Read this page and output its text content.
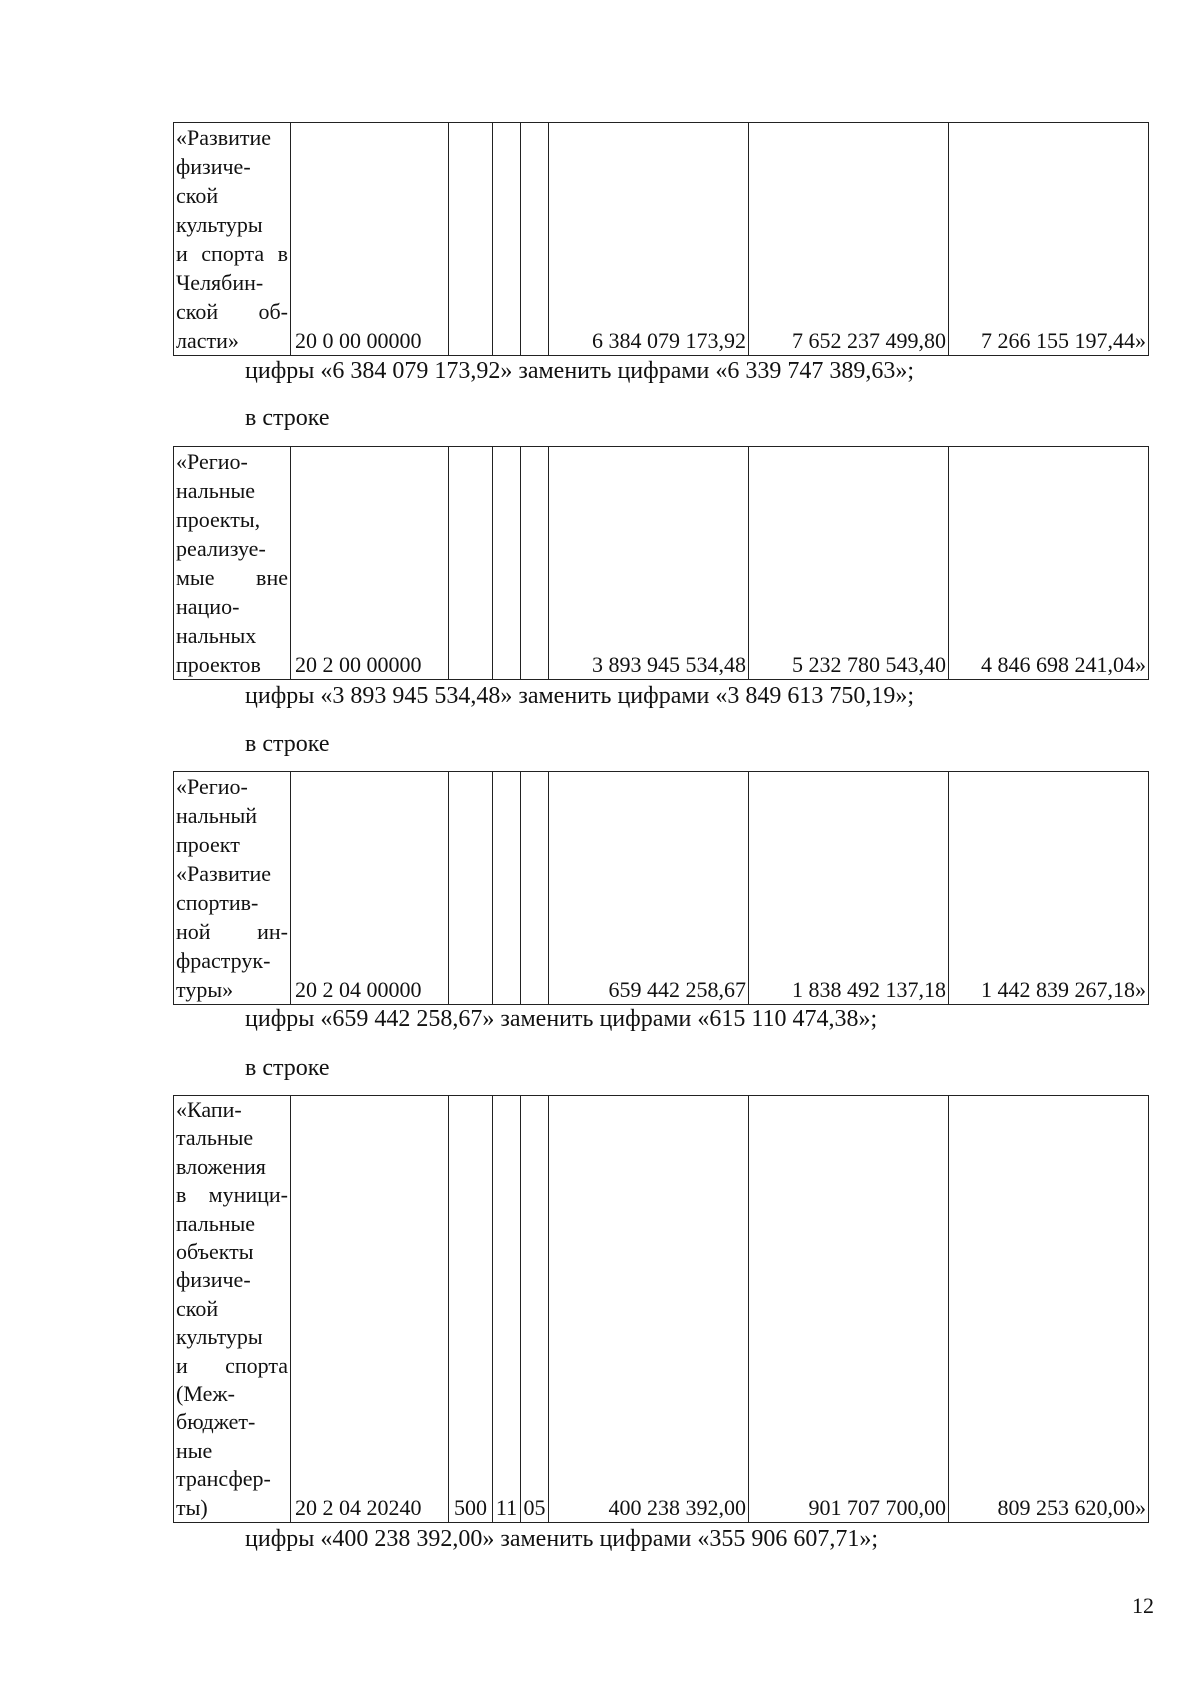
«Развитие
физиче-
ской
культуры
и спорта в
Челябин-
ской об-
ласти»	20 0 00 00000				6 384 079 173,92	7 652 237 499,80	7 266 155 197,44»
цифры «6 384 079 173,92» заменить цифрами «6 339 747 389,63»;
в строке
«Регио-
нальные
проекты,
реализуе-
мые вне
нацио-
нальных
проектов	20 2 00 00000				3 893 945 534,48	5 232 780 543,40	4 846 698 241,04»
цифры «3 893 945 534,48» заменить цифрами «3 849 613 750,19»;
в строке
«Регио-
нальный
проект
«Развитие
спортив-
ной ин-
фраструк-
туры»	20 2 04 00000				659 442 258,67	1 838 492 137,18	1 442 839 267,18»
цифры «659 442 258,67» заменить цифрами «615 110 474,38»;
в строке
«Капи-
тальные
вложения
в муници-
пальные
объекты
физиче-
ской
культуры
и спорта
(Меж-
бюджет-
ные
трансфер-
ты)	20 2 04 20240	500	11	05	400 238 392,00	901 707 700,00	809 253 620,00»
цифры «400 238 392,00» заменить цифрами «355 906 607,71»;
12
